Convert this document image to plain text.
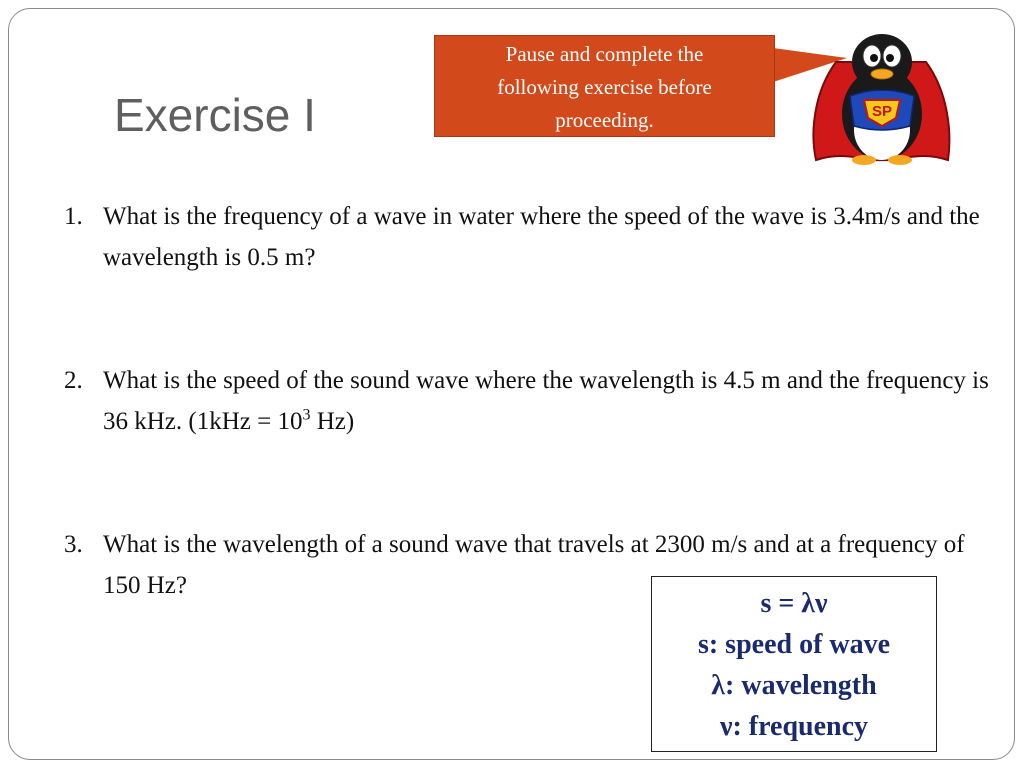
Exercise I
Pause and complete the
following exercise before
proceeding.	SP
1. What is the frequency of a wave in water where the speed of the wave is 3.4m/s and the wavelength is 0.5 m?
2. What is the speed of the sound wave where the wavelength is 4.5 m and the frequency is 36 kHz. ($1kHz = 10^3$ Hz)
3. What is the wavelength of a sound wave that travels at 2300 m/s and at a frequency of 150 Hz?
s = λν
s: speed of wave
λ: wavelength
ν: frequency
